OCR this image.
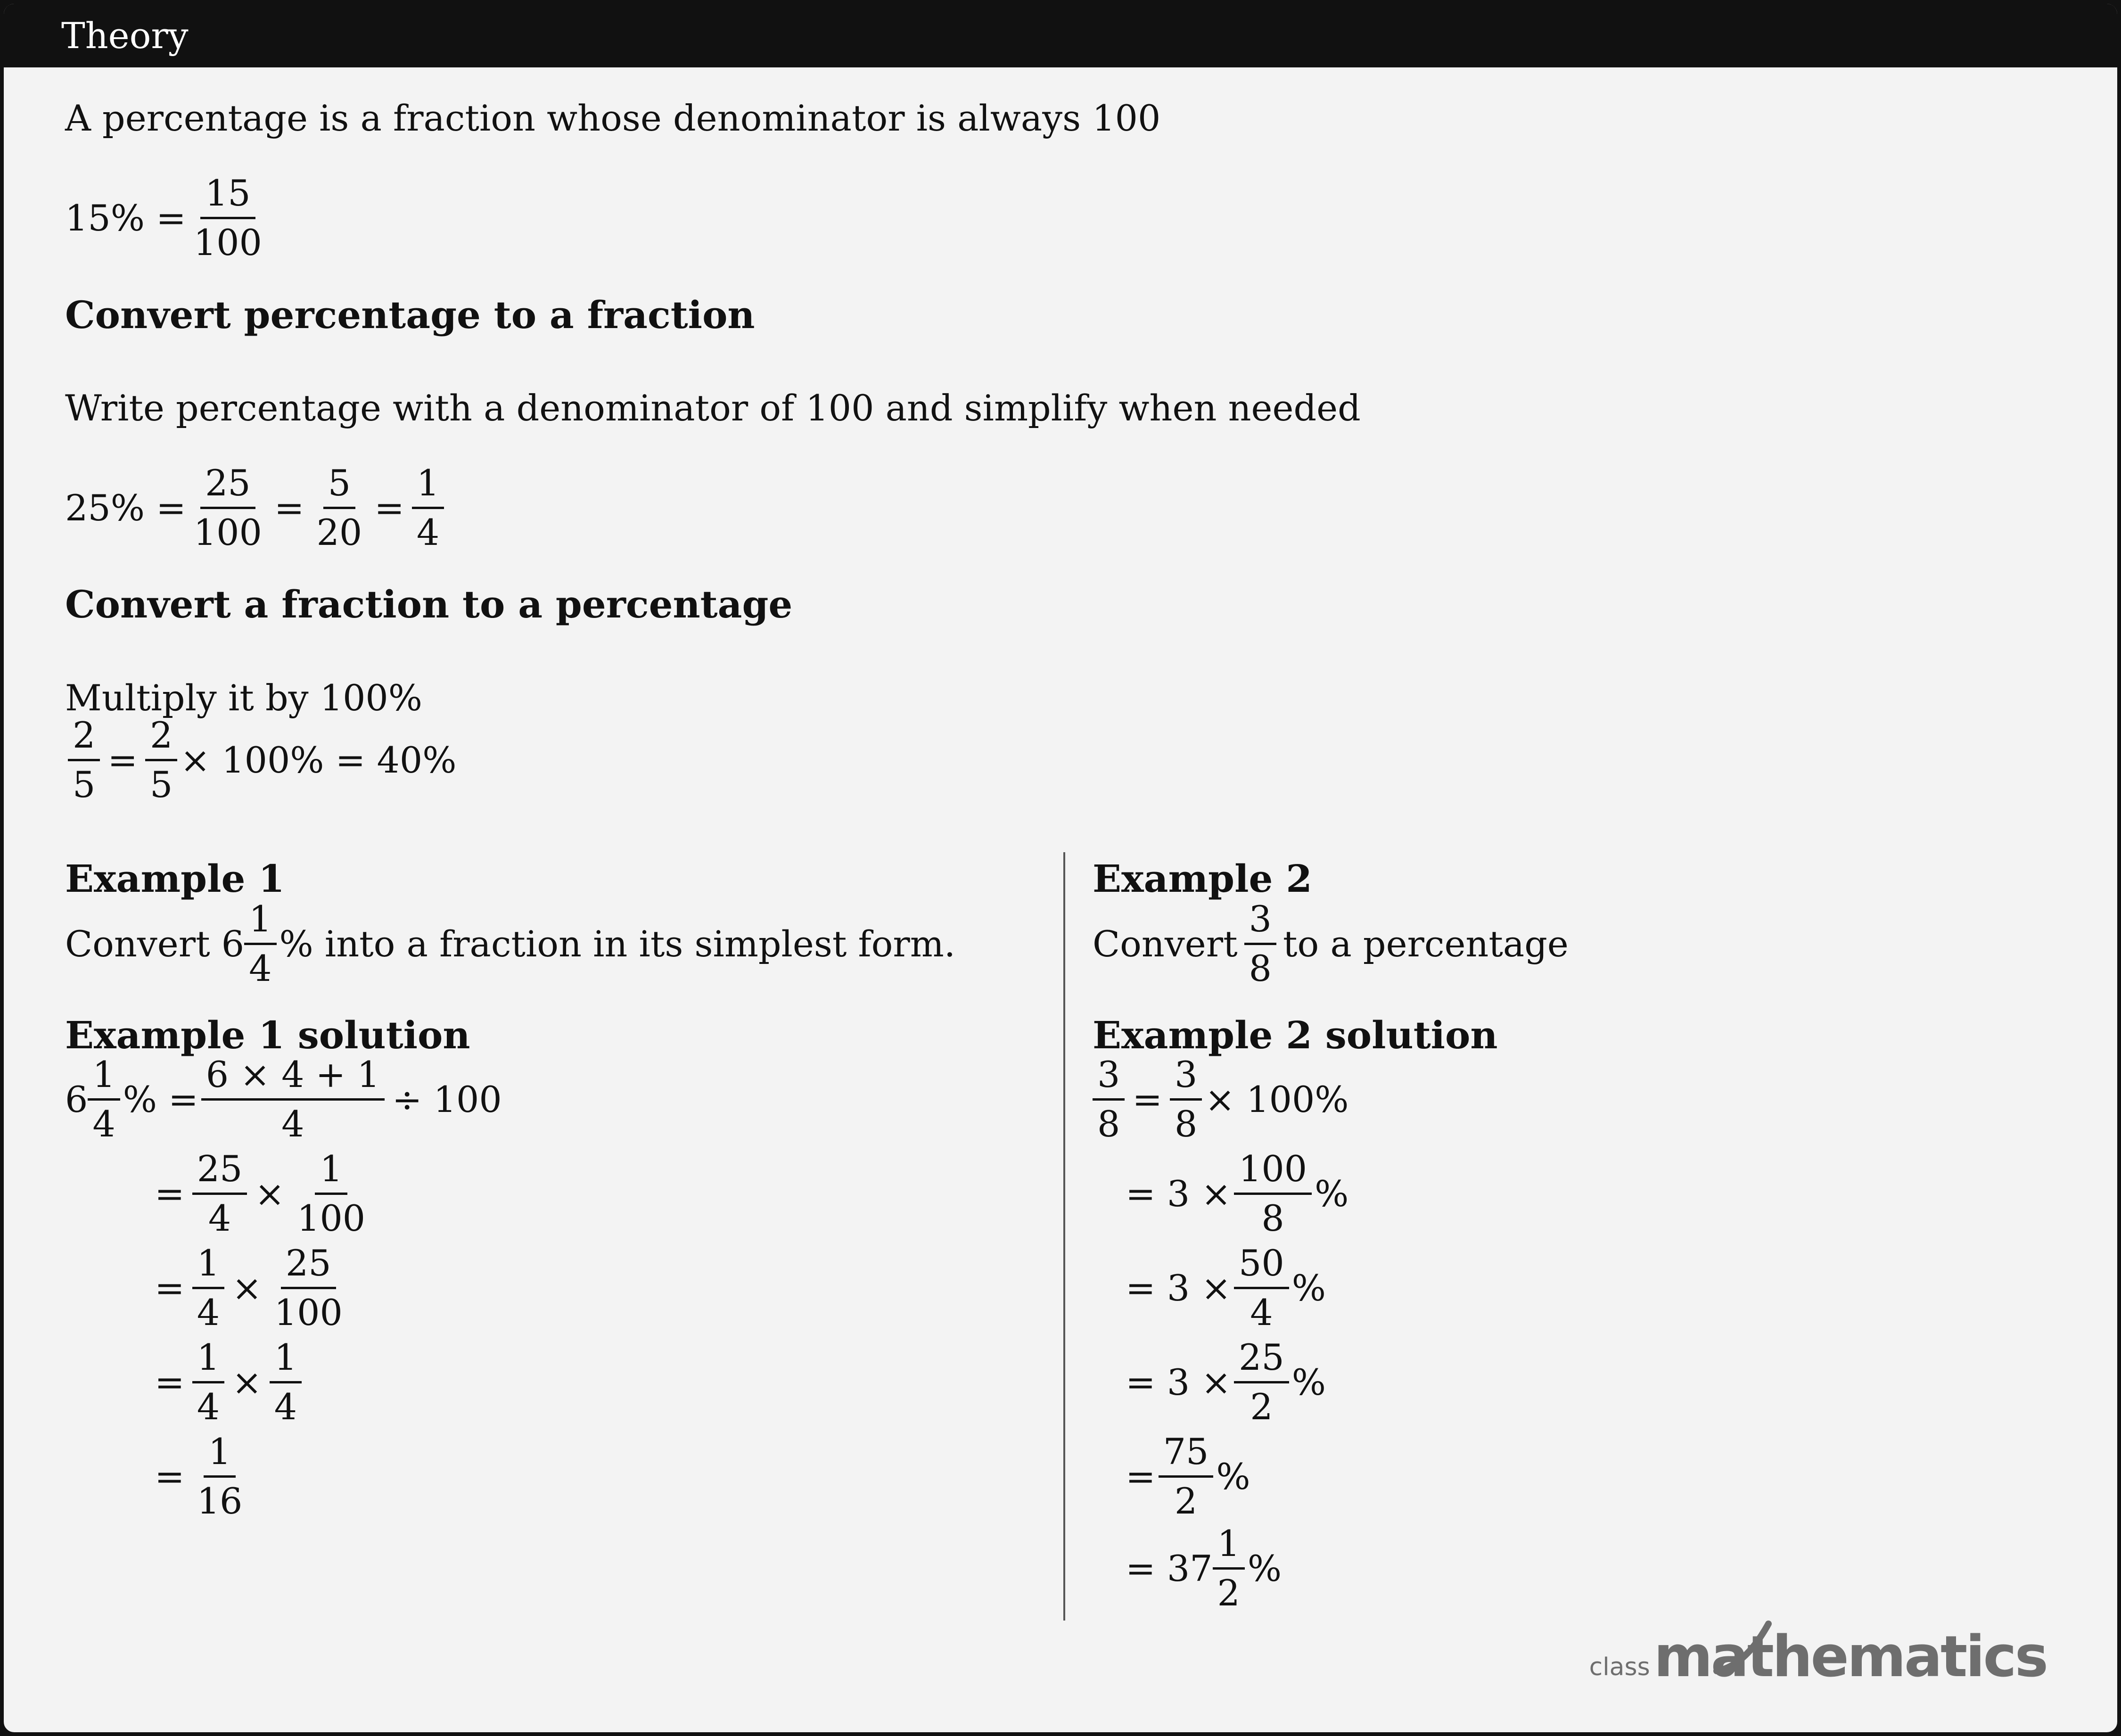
Theory
A percentage is a fraction whose denominator is always 100
$15\% = \frac{15}{100}$
Convert percentage to a fraction
Write percentage with a denominator of 100 and simplify when needed
$25\% = \frac{25}{100} = \frac{5}{20} = \frac{1}{4}$
Convert a fraction to a percentage
Multiply it by 100%
$\frac{2}{5} = \frac{2}{5} \times 100\% = 40\%$
Example 1
Convert $6 \frac{1}{4}$ % into a fraction in its simplest form.
Example 1 solution
$6 \frac{1}{4}$ % = $\frac{6 \times 4 + 1}{4} \div 100$
= $\frac{25}{4} \times \frac{1}{100}$
= $\frac{1}{4} \times \frac{25}{100}$
= $\frac{1}{4} \times \frac{1}{4}$
= $\frac{1}{16}$
Example 2
Convert $\frac{3}{8}$ to a percentage
Example 2 solution
$\frac{3}{8} = \frac{3}{8} \times 100\%$
= $3 \times \frac{100}{8}$ %
= $3 \times \frac{50}{4}$ %
= $3 \times \frac{25}{2}$ %
= $\frac{75}{2}$ %
= $37 \frac{1}{2}$ %
class mathematics
